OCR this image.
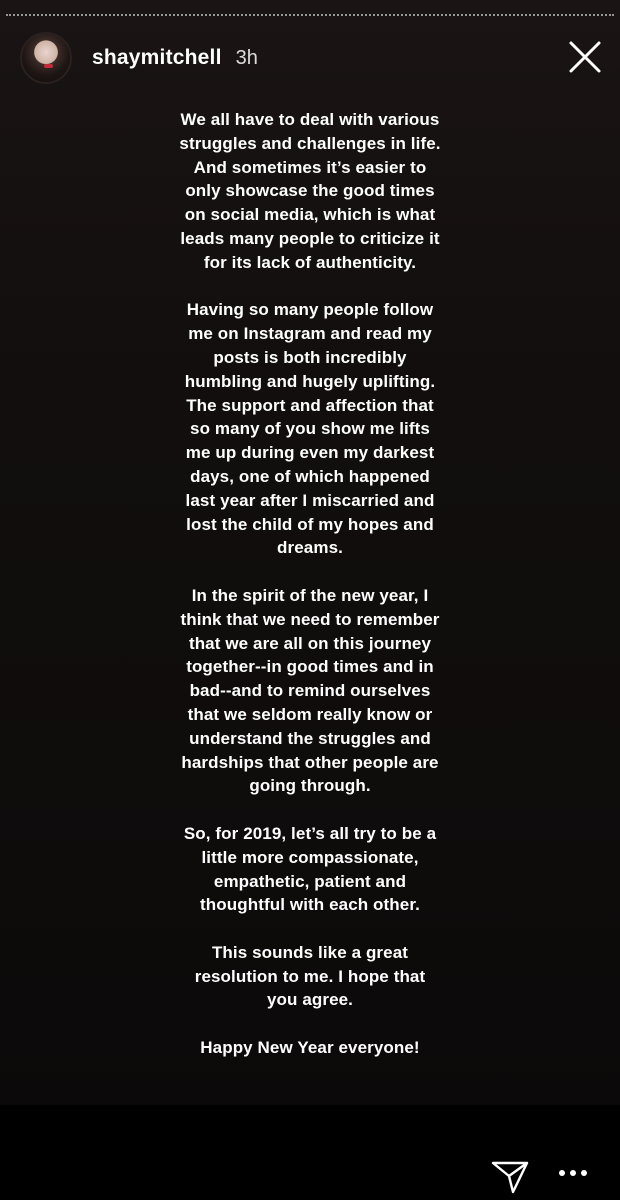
shaymitchell 3h

We all have to deal with various
struggles and challenges in life.
And sometimes it’s easier to
only showcase the good times
on social media, which is what
leads many people to criticize it
for its lack of authenticity.

Having so many people follow
me on Instagram and read my
posts is both incredibly
humbling and hugely uplifting.
The support and affection that
so many of you show me lifts
me up during even my darkest
days, one of which happened
last year after I miscarried and
lost the child of my hopes and
dreams.

In the spirit of the new year, I
think that we need to remember
that we are all on this journey
together--in good times and in
bad--and to remind ourselves
that we seldom really know or
understand the struggles and
hardships that other people are
going through.

So, for 2019, let’s all try to be a
little more compassionate,
empathetic, patient and
thoughtful with each other.

This sounds like a great
resolution to me. I hope that
you agree.

Happy New Year everyone!
